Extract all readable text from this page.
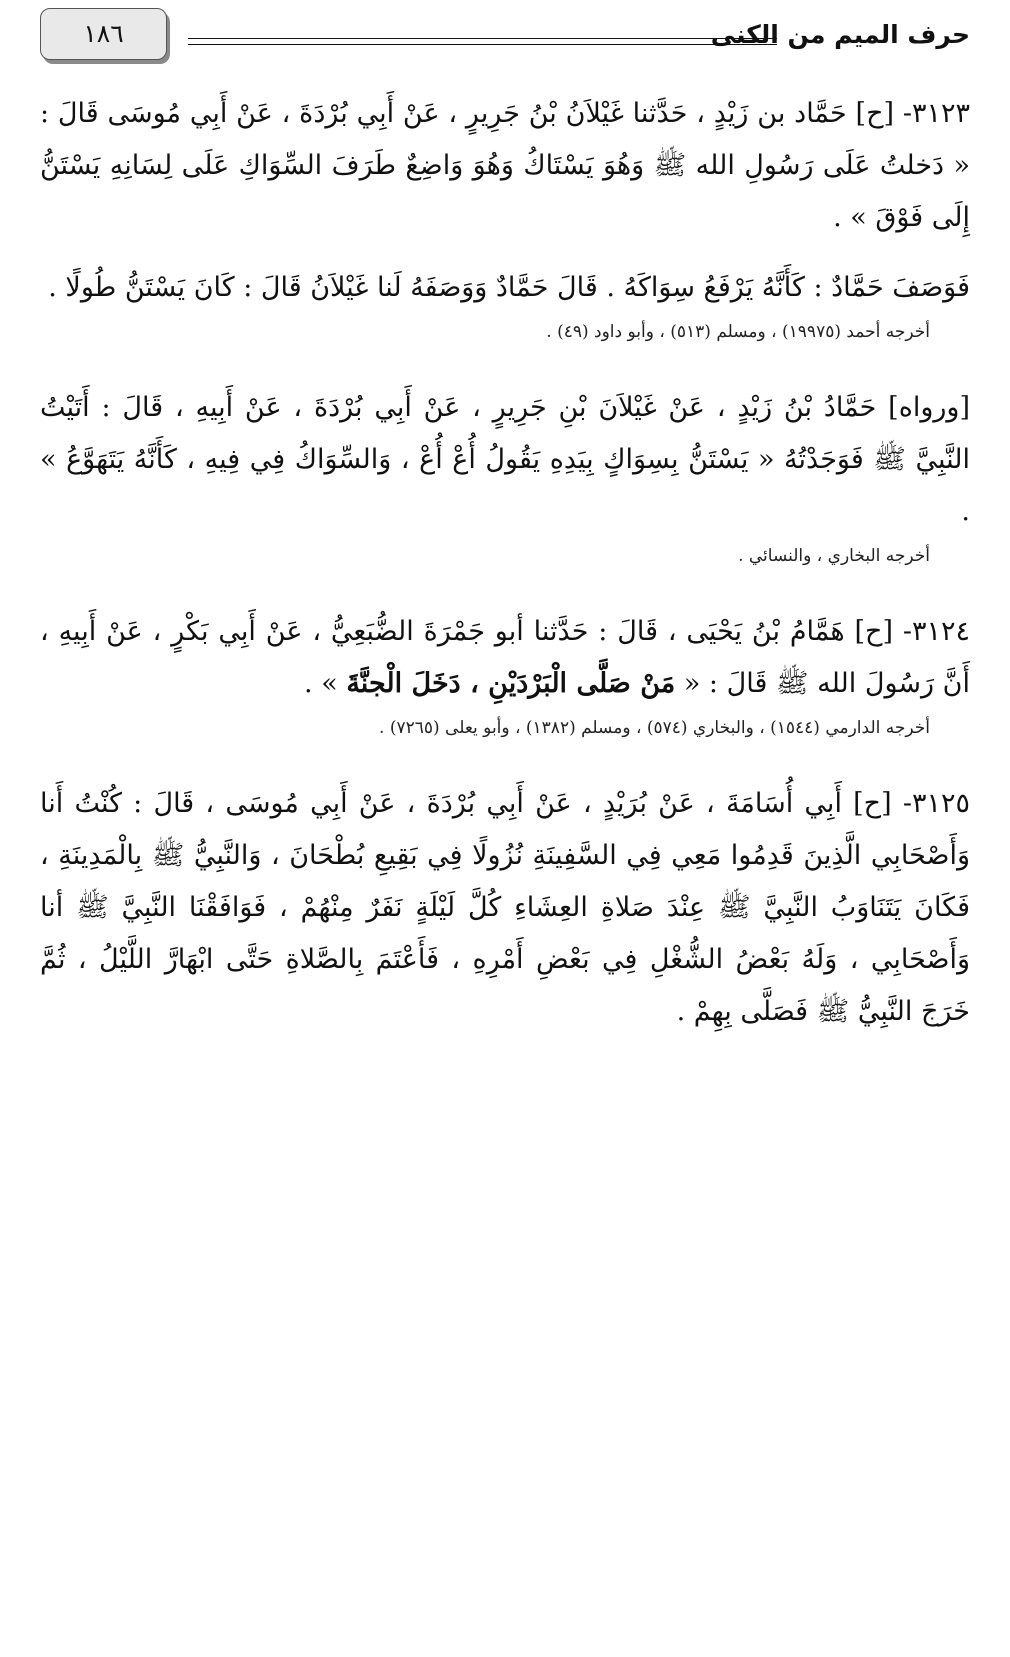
حرف الميم من الكنى
١٨٦

٣١٢٣- [ح] حَمَّاد بن زَيْدٍ ، حَدَّثنا غَيْلاَنُ بْنُ جَرِيرٍ ، عَنْ أَبِي بُرْدَةَ ، عَنْ أَبِي مُوسَى قَالَ : « دَخلتُ عَلَى رَسُولِ الله ﷺ وَهُوَ يَسْتَاكُ وَهُوَ وَاضِعٌ طَرَفَ السِّوَاكِ عَلَى لِسَانِهِ يَسْتَنُّ إِلَى فَوْقَ » .

فَوَصَفَ حَمَّادٌ : كَأَنَّهُ يَرْفَعُ سِوَاكَهُ . قَالَ حَمَّادٌ وَوَصَفَهُ لَنا غَيْلاَنُ قَالَ : كَانَ يَسْتَنُّ طُولًا .

أخرجه أحمد (١٩٩٧٥) ، ومسلم (٥١٣) ، وأبو داود (٤٩) .

[ورواه] حَمَّادُ بْنُ زَيْدٍ ، عَنْ غَيْلاَنَ بْنِ جَرِيرٍ ، عَنْ أَبِي بُرْدَةَ ، عَنْ أَبِيهِ ، قَالَ : أَتَيْتُ النَّبِيَّ ﷺ فَوَجَدْتُهُ « يَسْتَنُّ بِسِوَاكٍ بِيَدِهِ يَقُولُ أُعْ أُعْ ، وَالسِّوَاكُ فِي فِيهِ ، كَأَنَّهُ يَتَهَوَّعُ » .

أخرجه البخاري ، والنسائي .

٣١٢٤- [ح] هَمَّامُ بْنُ يَحْيَى ، قَالَ : حَدَّثنا أبو جَمْرَةَ الضُّبَعِيُّ ، عَنْ أَبِي بَكْرٍ ، عَنْ أَبِيهِ ، أَنَّ رَسُولَ الله ﷺ قَالَ : « مَنْ صَلَّى الْبَرْدَيْنِ ، دَخَلَ الْجنَّةَ » .

أخرجه الدارمي (١٥٤٤) ، والبخاري (٥٧٤) ، ومسلم (١٣٨٢) ، وأبو يعلى (٧٢٦٥) .

٣١٢٥- [ح] أَبِي أُسَامَةَ ، عَنْ بُرَيْدٍ ، عَنْ أَبِي بُرْدَةَ ، عَنْ أَبِي مُوسَى ، قَالَ : كُنْتُ أَنا وَأَصْحَابِي الَّذِينَ قَدِمُوا مَعِي فِي السَّفِينَةِ نُزُولًا فِي بَقِيعِ بُطْحَانَ ، وَالنَّبِيُّ ﷺ بِالْمَدِينَةِ ، فَكَانَ يَتَنَاوَبُ النَّبِيَّ ﷺ عِنْدَ صَلاةِ العِشَاءِ كُلَّ لَيْلَةٍ نَفَرٌ مِنْهُمْ ، فَوَافَقْنَا النَّبِيَّ ﷺ أنا وَأَصْحَابِي ، وَلَهُ بَعْضُ الشُّغْلِ فِي بَعْضِ أَمْرِهِ ، فَأَعْتَمَ بِالصَّلاةِ حَتَّى ابْهَارَّ اللَّيْلُ ، ثُمَّ خَرَجَ النَّبِيُّ ﷺ فَصَلَّى بِهِمْ .
